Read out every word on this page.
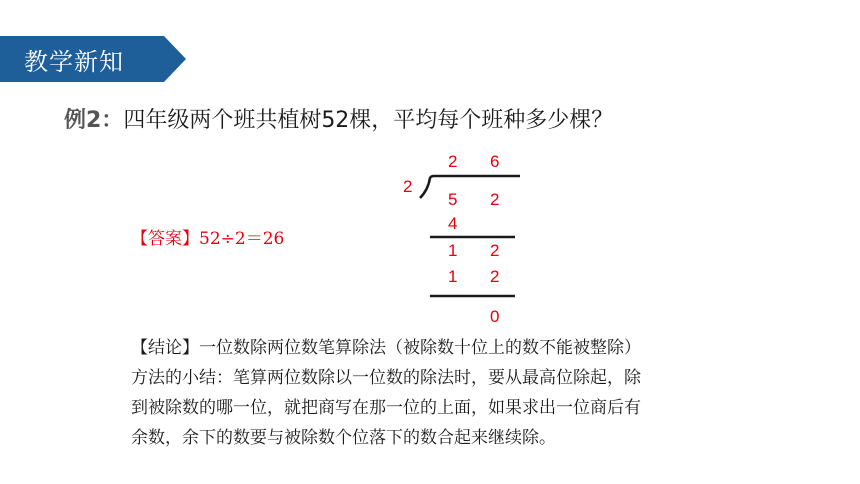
教学新知
例2：四年级两个班共植树52棵，平均每个班种多少棵？
【答案】52÷2＝26
2
2 6
5 2
4
1 2
1 2
0

【结论】一位数除两位数笔算除法（被除数十位上的数不能被整除）

方法的小结：笔算两位数除以一位数的除法时，要从最高位除起，除

到被除数的哪一位，就把商写在那一位的上面，如果求出一位商后有

余数，余下的数要与被除数个位落下的数合起来继续除。
